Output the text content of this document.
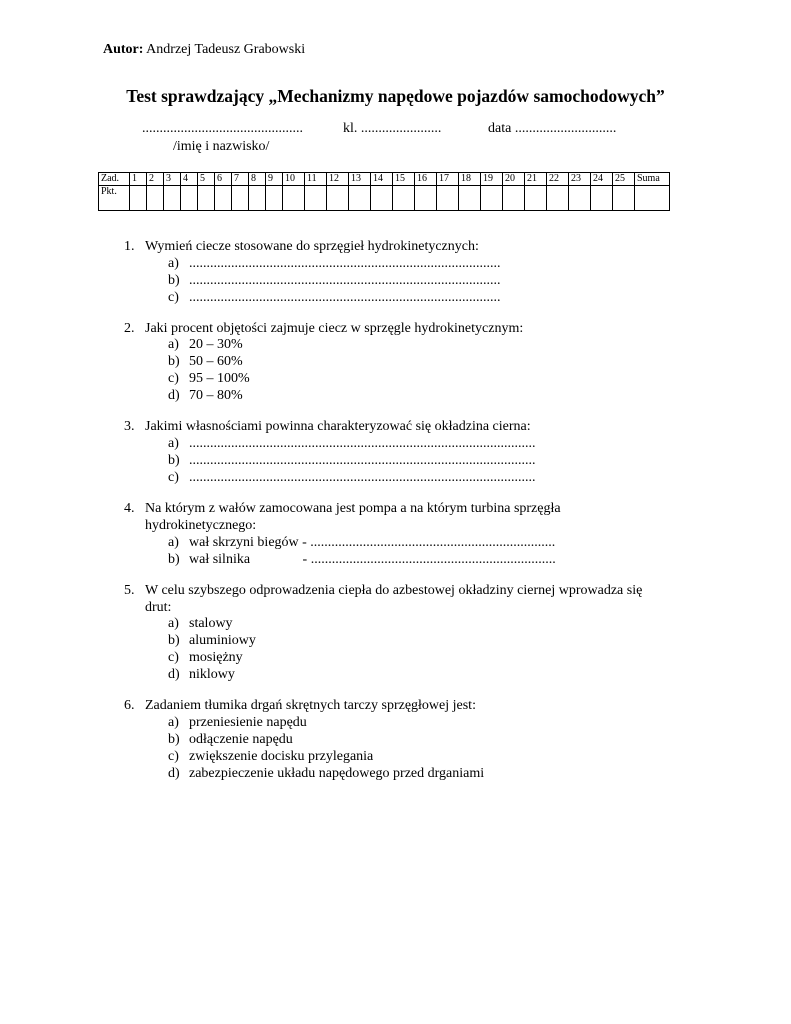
Autor: Andrzej Tadeusz Grabowski
Test sprawdzający „Mechanizmy napędowe pojazdów samochodowych”
..............................................
/imię i nazwisko/
kl. .......................	data .............................
Zad.	1	2	3	4	5	6	7	8	9	10	11	12	13	14	15	16	17	18	19	20	21	22	23	24	25	Suma
Pkt.																										
1. Wymień ciecze stosowane do sprzęgieł hydrokinetycznych:
a) .........................................................................................
b) .........................................................................................
c) .........................................................................................
2. Jaki procent objętości zajmuje ciecz w sprzęgle hydrokinetycznym:
a) 20 – 30%
b) 50 – 60%
c) 95 – 100%
d) 70 – 80%
3. Jakimi własnościami powinna charakteryzować się okładzina cierna:
a) ...................................................................................................
b) ...................................................................................................
c) ...................................................................................................
4. Na którym z wałów zamocowana jest pompa a na którym turbina sprzęgła
hydrokinetycznego:
a) wał skrzyni biegów - ......................................................................
b) wał silnika               - ......................................................................
5. W celu szybszego odprowadzenia ciepła do azbestowej okładziny ciernej wprowadza się
drut:
a) stalowy
b) aluminiowy
c) mosiężny
d) niklowy
6. Zadaniem tłumika drgań skrętnych tarczy sprzęgłowej jest:
a) przeniesienie napędu
b) odłączenie napędu
c) zwiększenie docisku przylegania
d) zabezpieczenie układu napędowego przed drganiami
